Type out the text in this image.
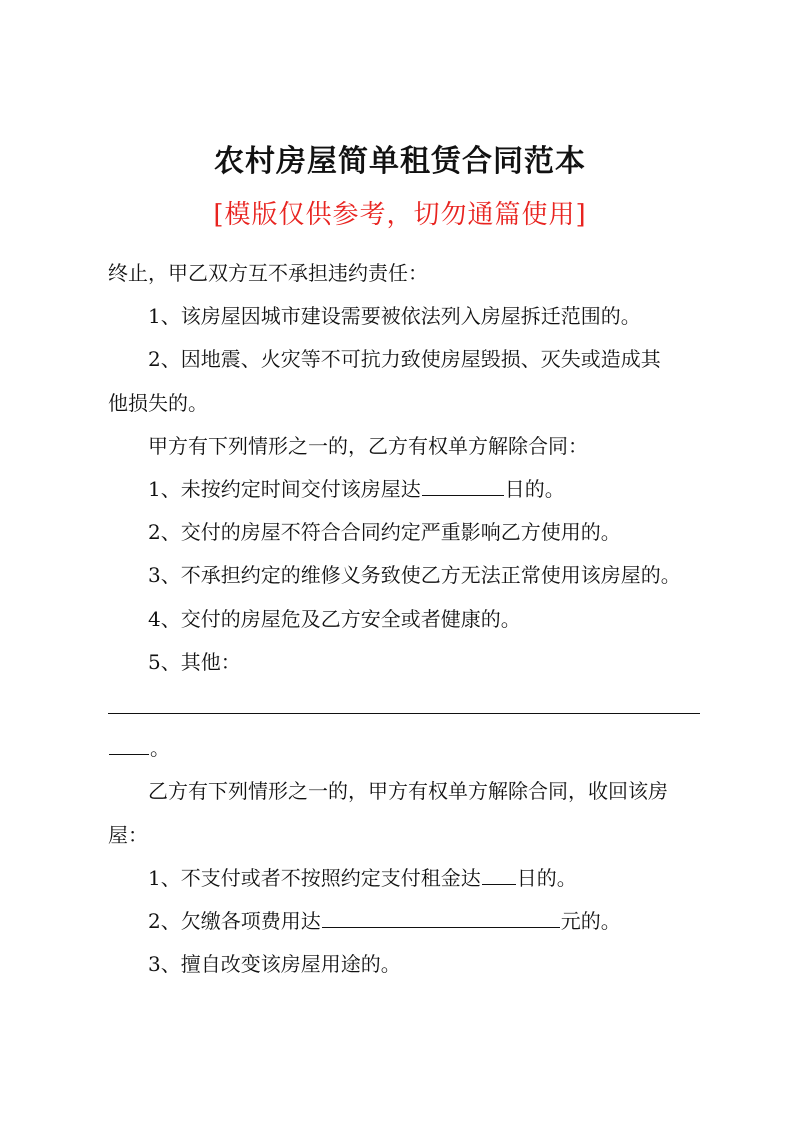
农村房屋简单租赁合同范本
[模版仅供参考，切勿通篇使用]

终止，甲乙双方互不承担违约责任：

1、该房屋因城市建设需要被依法列入房屋拆迁范围的。

2、因地震、火灾等不可抗力致使房屋毁损、灭失或造成其

他损失的。

甲方有下列情形之一的，乙方有权单方解除合同：

1、未按约定时间交付该房屋达	日的。

2、交付的房屋不符合合同约定严重影响乙方使用的。

3、不承担约定的维修义务致使乙方无法正常使用该房屋的。

4、交付的房屋危及乙方安全或者健康的。

5、其他：

。

乙方有下列情形之一的，甲方有权单方解除合同，收回该房

屋：

1、不支付或者不按照约定支付租金达 日的。

2、欠缴各项费用达	元的。

3、擅自改变该房屋用途的。
